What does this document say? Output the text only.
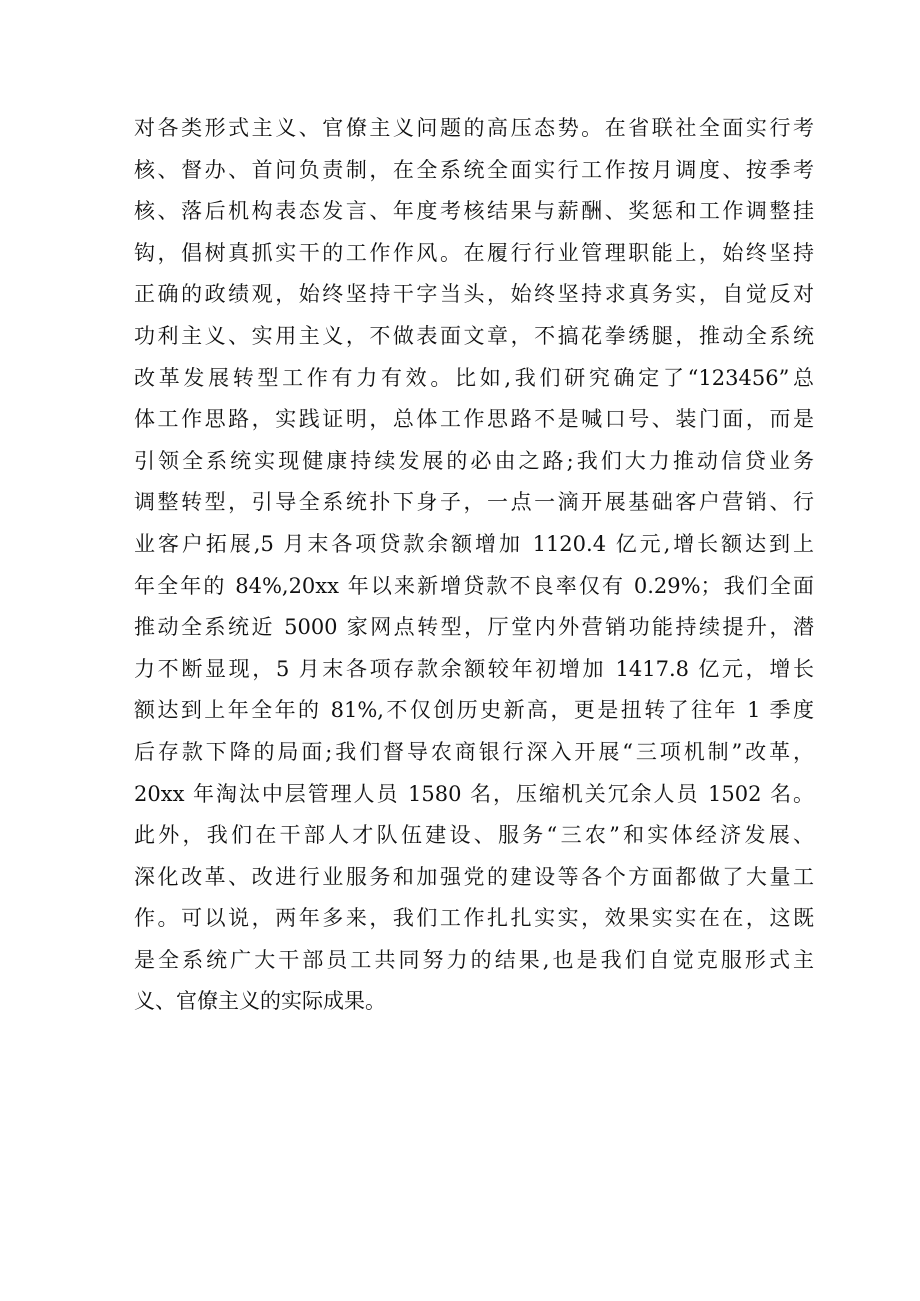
对各类形式主义、官僚主义问题的高压态势。在省联社全面实行考
核、督办、首问负责制，在全系统全面实行工作按月调度、按季考
核、落后机构表态发言、年度考核结果与薪酬、奖惩和工作调整挂
钩，倡树真抓实干的工作作风。在履行行业管理职能上，始终坚持
正确的政绩观，始终坚持干字当头，始终坚持求真务实，自觉反对
功利主义、实用主义，不做表面文章，不搞花拳绣腿，推动全系统
改革发展转型工作有力有效。比如,我们研究确定了“123456”总
体工作思路，实践证明，总体工作思路不是喊口号、装门面，而是
引领全系统实现健康持续发展的必由之路;我们大力推动信贷业务
调整转型，引导全系统扑下身子，一点一滴开展基础客户营销、行
业客户拓展,5 月末各项贷款余额增加 1120.4 亿元,增长额达到上
年全年的 84%,20xx 年以来新增贷款不良率仅有 0.29%；我们全面
推动全系统近 5000 家网点转型，厅堂内外营销功能持续提升，潜
力不断显现，5 月末各项存款余额较年初增加 1417.8 亿元，增长
额达到上年全年的 81%,不仅创历史新高，更是扭转了往年 1 季度
后存款下降的局面;我们督导农商银行深入开展“三项机制”改革，
20xx 年淘汰中层管理人员 1580 名，压缩机关冗余人员 1502 名。
此外，我们在干部人才队伍建设、服务“三农”和实体经济发展、
深化改革、改进行业服务和加强党的建设等各个方面都做了大量工
作。可以说，两年多来，我们工作扎扎实实，效果实实在在，这既
是全系统广大干部员工共同努力的结果,也是我们自觉克服形式主
义、官僚主义的实际成果。
